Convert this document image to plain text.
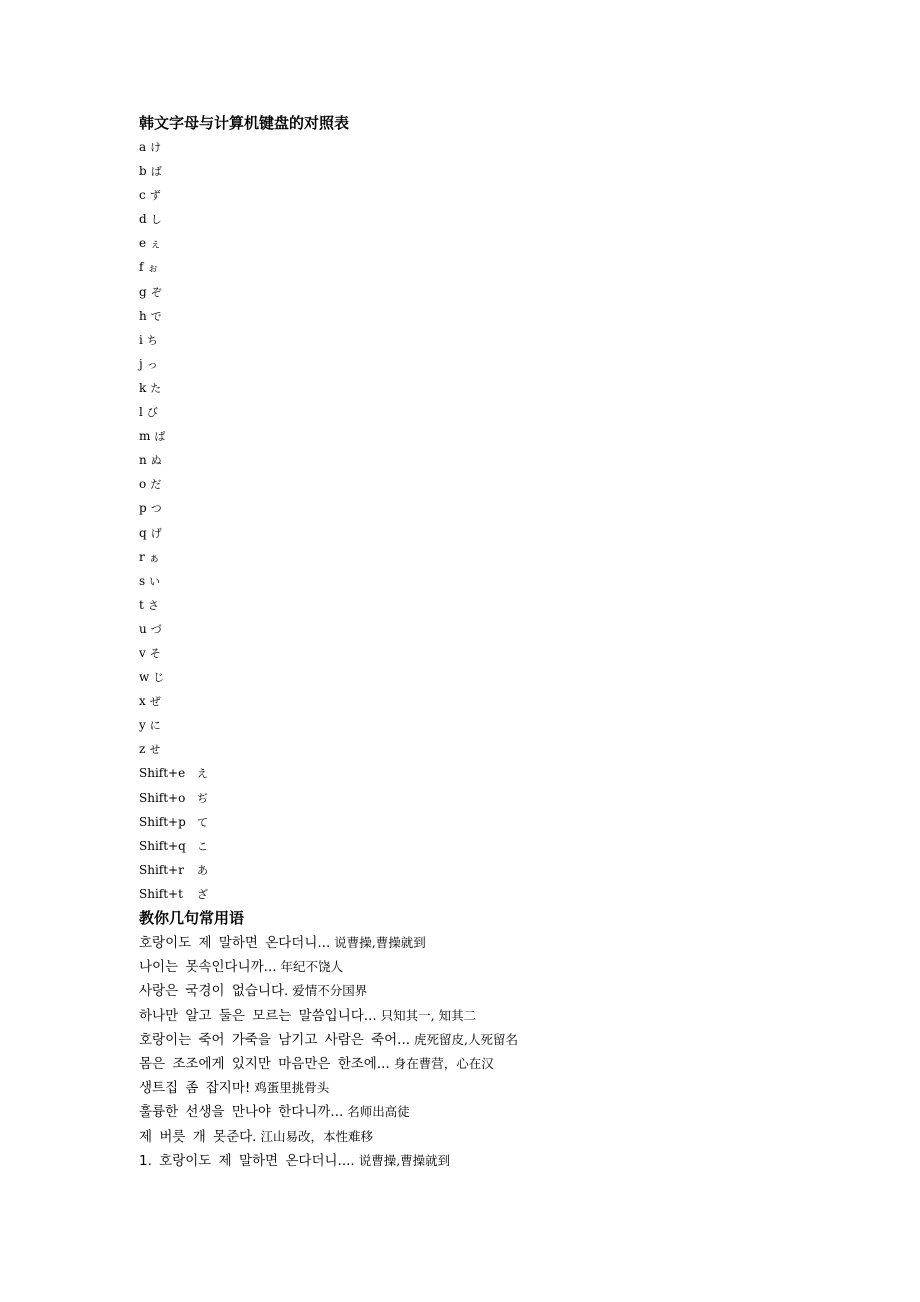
韩文字母与计算机键盘的对照表
a け
b ば
c ず
d し
e ぇ
f ぉ
g ぞ
h で
i ち
j っ
k た
l び
m ぱ
n ぬ
o だ
p つ
q げ
r ぁ
s い
t さ
u づ
v そ
w じ
x ぜ
y に
z せ
Shift+e え
Shift+o ぢ
Shift+p て
Shift+q こ
Shift+r あ
Shift+t ざ
教你几句常用语
호랑이도 제 말하면 온다더니... 说曹操,曹操就到
나이는 못속인다니까... 年纪不饶人
사랑은 국경이 없습니다. 爱情不分国界
하나만 알고 둘은 모르는 말씀입니다... 只知其一, 知其二
호랑이는 죽어 가죽을 남기고 사람은 죽어... 虎死留皮,人死留名
몸은 조조에게 있지만 마음만은 한조에... 身在曹营，心在汉
생트집 좀 잡지마! 鸡蛋里挑骨头
훌륭한 선생을 만나야 한다니까... 名师出高徒
제 버릇 개 못준다. 江山易改，本性难移
1. 호랑이도 제 말하면 온다더니.... 说曹操,曹操就到
